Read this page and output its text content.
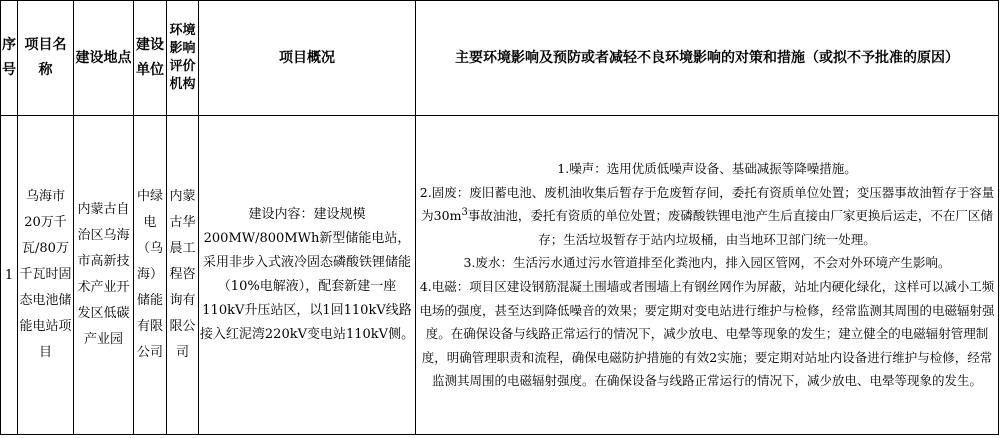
序号	项目名称	建设地点	建设单位	环境影响评价机构	项目概况	主要环境影响及预防或者减轻不良环境影响的对策和措施（或拟不予批准的原因）
1	乌海市20万千瓦/80万千瓦时固态电池储能电站项目	内蒙古自治区乌海市高新技术产业开发区低碳产业园	中绿电（乌海）储能有限公司	内蒙古华晨工程咨询有限公司	建设内容：建设规模200MW/800MWh新型储能电站，采用非步入式液冷固态磷酸铁锂储能（10%电解液），配套新建一座110kV升压站区，以1回110kV线路接入红泥湾220kV变电站110kV侧。	1.噪声：选用优质低噪声设备、基础减振等降噪措施。
2.固废：废旧蓄电池、废机油收集后暂存于危废暂存间，委托有资质单位处置；变压器事故油暂存于容量为$30m^3$事故油池，委托有资质的单位处置；废磷酸铁锂电池产生后直接由厂家更换后运走，不在厂区储存；生活垃圾暂存于站内垃圾桶，由当地环卫部门统一处理。
3.废水：生活污水通过污水管道排至化粪池内，排入园区管网，不会对外环境产生影响。
4.电磁：项目区建设钢筋混凝土围墙或者围墙上有钢丝网作为屏蔽，站址内硬化绿化，这样可以减小工频电场的强度，甚至达到降低噪音的效果；要定期对变电站进行维护与检修，经常监测其周围的电磁辐射强度。在确保设备与线路正常运行的情况下，减少放电、电晕等现象的发生；建立健全的电磁辐射管理制度，明确管理职责和流程，确保电磁防护措施的有效2实施；要定期对站址内设备进行维护与检修，经常监测其周围的电磁辐射强度。在确保设备与线路正常运行的情况下，减少放电、电晕等现象的发生。
